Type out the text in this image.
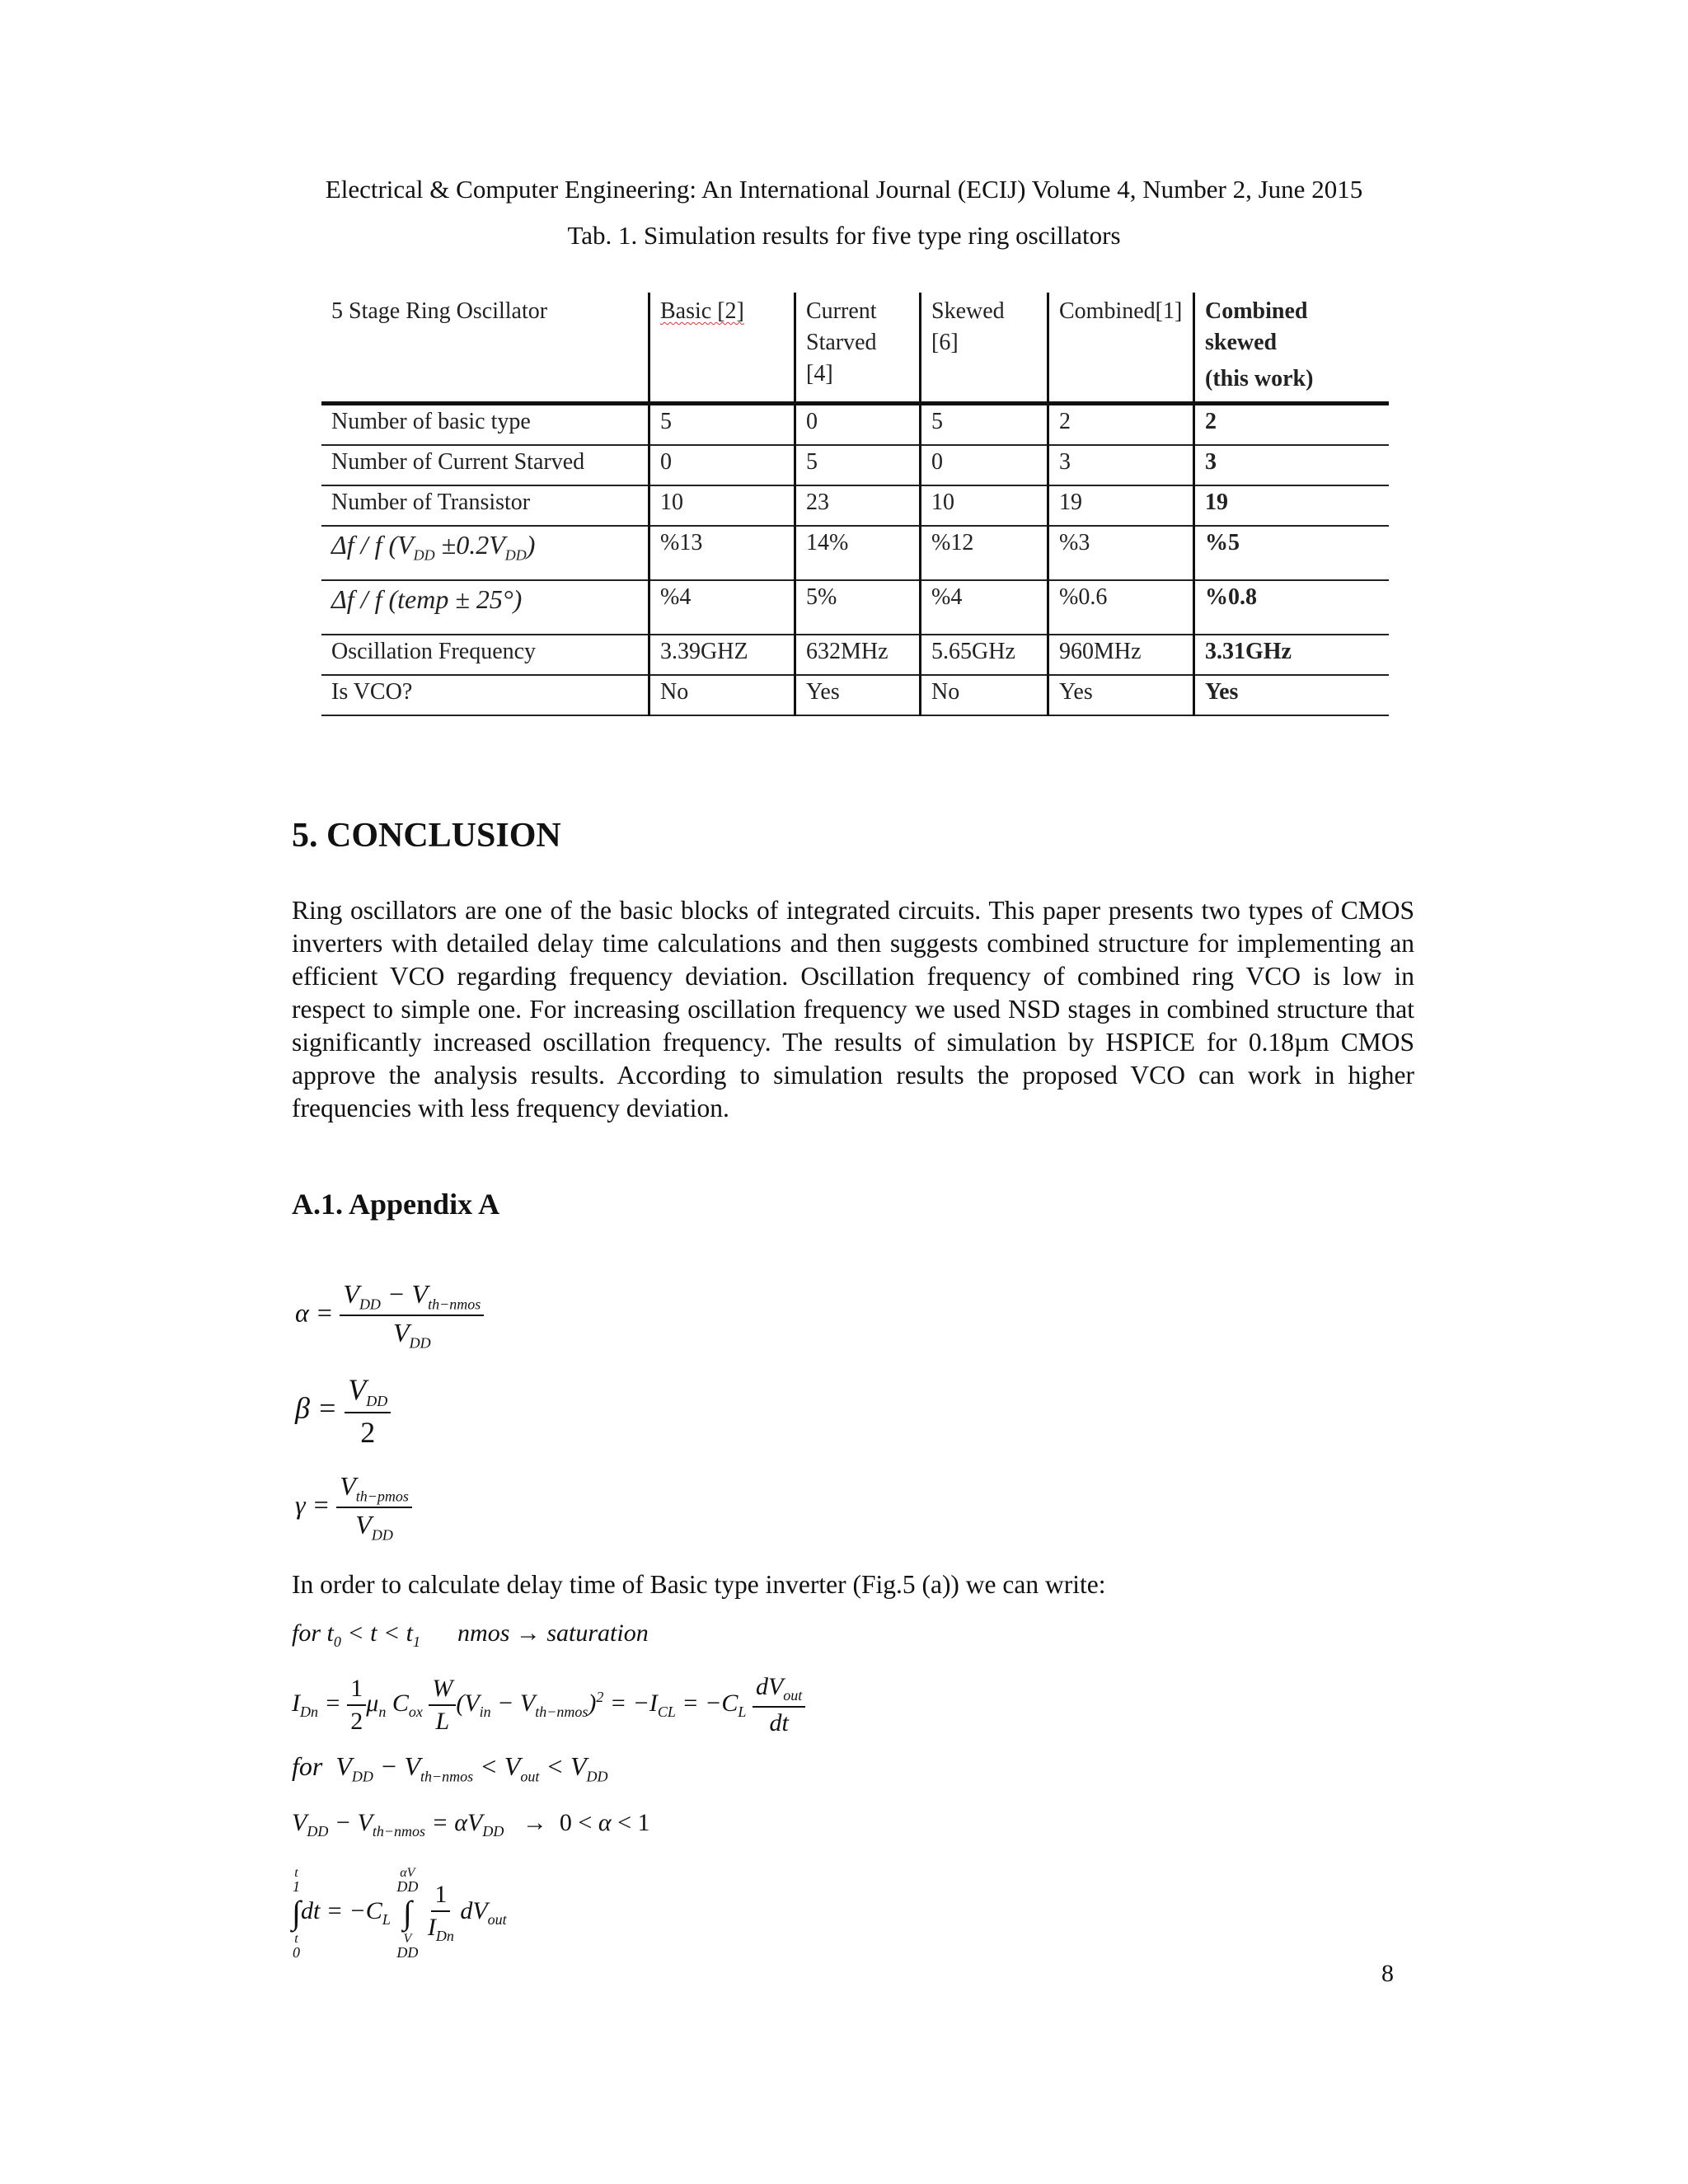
Electrical & Computer Engineering: An International Journal (ECIJ) Volume 4, Number 2, June 2015
Tab. 1. Simulation results for five type ring oscillators
5 Stage Ring Oscillator	Basic [2]	Current Starved [4]	Skewed [6]	Combined[1]	Combined skewed
(this work)

Number of basic type	5	0	5	2	2
Number of Current Starved	0	5	0	3	3
Number of Transistor	10	23	10	19	19
Δf / f $(V_{DD} \pm 0.2V_{DD})$	%13	14%	%12	%3	%5
Δf / f (temp ± 25°)	%4	5%	%4	%0.6	%0.8
Oscillation Frequency	3.39GHZ	632MHz	5.65GHz	960MHz	3.31GHz
Is VCO?	No	Yes	No	Yes	Yes
5. CONCLUSION
Ring oscillators are one of the basic blocks of integrated circuits. This paper presents two types of CMOS inverters with detailed delay time calculations and then suggests combined structure for implementing an efficient VCO regarding frequency deviation. Oscillation frequency of combined ring VCO is low in respect to simple one. For increasing oscillation frequency we used NSD stages in combined structure that significantly increased oscillation frequency. The results of simulation by HSPICE for 0.18µm CMOS approve the analysis results. According to simulation results the proposed VCO can work in higher frequencies with less frequency deviation.
A.1. Appendix A
$\alpha = \frac{V_{DD} - V_{th-nmos}}{V_{DD}}$
$\beta = \frac{V_{DD}}{2}$
$\gamma = \frac{V_{th-pmos}}{V_{DD}}$
In order to calculate delay time of Basic type inverter (Fig.5 (a)) we can write:
for $t_0 < t < t_1$      nmos → saturation
$I_{Dn} = \frac{1}{2} \mu_n$ $C_{ox} \frac{W}{L} (V_{in} - V_{th-nmos})^2 = -I_{CL} = -C_L \frac{dV_{out}}{dt}$
for  $V_{DD} - V_{th-nmos} < V_{out} < V_{DD}$
$V_{DD} - V_{th-nmos} = \alpha V_{DD} \to 0 < \alpha < 1$
t
1
∫
t
0
dt = $-C_L$ αV
DD
∫
V
DD

$\frac{1}{I_{Dn}} dV_{out}$
8
